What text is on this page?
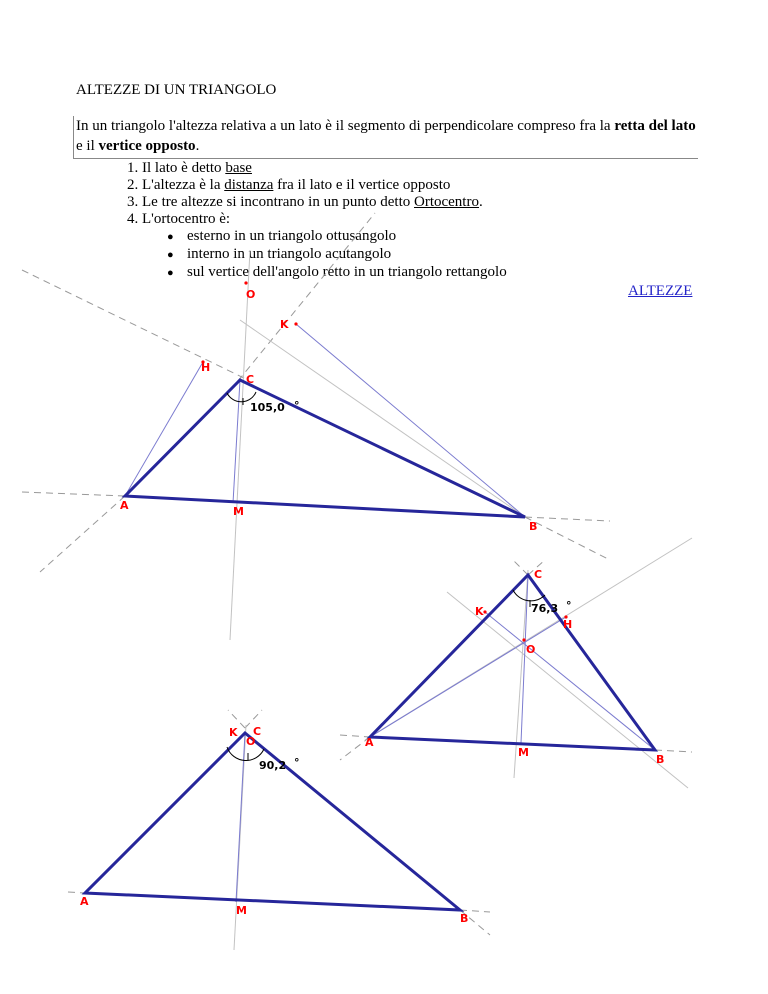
ALTEZZE DI UN TRIANGOLO
In un triangolo l'altezza relativa a un lato è il segmento di perpendicolare compreso fra la retta del lato e il vertice opposto.
1. Il lato è detto base
2. L'altezza è la distanza fra il lato e il vertice opposto
3. Le tre altezze si incontrano in un punto detto Ortocentro.
4. L'ortocentro è:
● esterno in un triangolo ottusangolo
● interno in un triangolo acutangolo
● sul vertice dell'angolo retto in un triangolo rettangolo
O
K
H
C
105,0 °
A	M
B
C
K	76,3 °
H
O
A
M
B
K C
O
90,2 °
A
M
B
ALTEZZE
